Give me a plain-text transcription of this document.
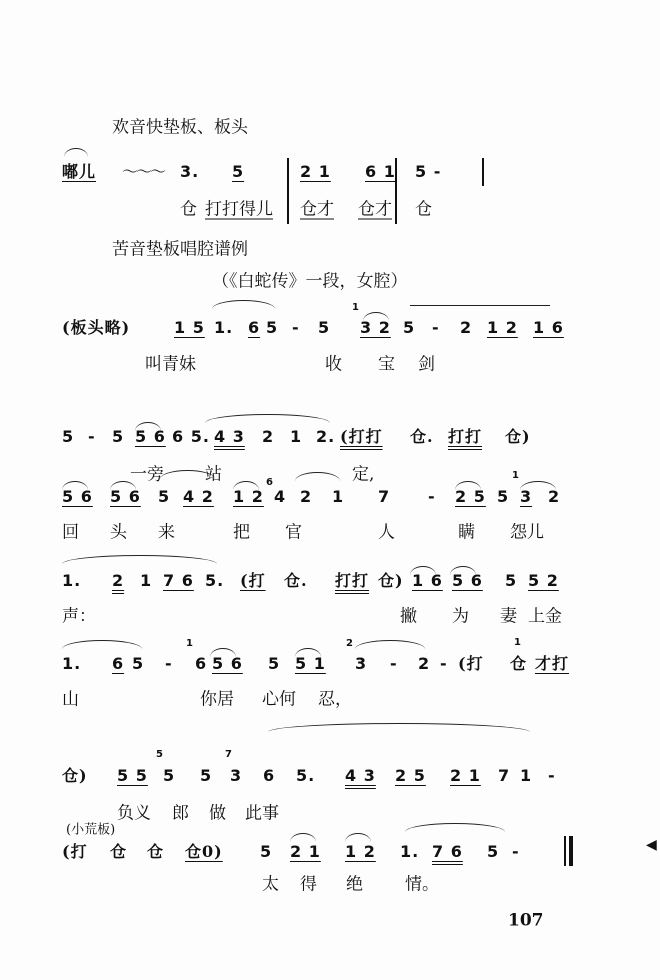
欢音快垫板、板头
苦音垫板唱腔谱例
（《白蛇传》一段，女腔）
(小荒板)
107
◀
嘟儿 ～～～ 3. 5	2 1 6 1 5 -
仓 打打得儿 仓才 仓才 仓
(板头略)	1 5 1. 6 5 - 5 3 2 5 - 2 1 2 1 6
叫青妹	收 宝 剑
5 - 5 5 6 6 5. 4 3 2 1 2. (打打 仓. 打打 仓)
一旁 站	定,
5 6 5 6 5 4 2 1 2 4 2 1 7 - 2 5 5 3 2
回 头 来	把 官	人	瞒 怨儿
1. 2 1 7 6 5. (打 仓. 打打 仓) 1 6 5 6 5 5 2
声：	撇 为 妻 上金
1. 6 5 - 6 5 6 5 5 1 3 - 2 - (打 仓 才打
山	你居 心何 忍，
仓) 5 5 5 5 3 6 5. 4 3 2 5 2 1 7 1 -
负义 郎 做 此事
(打 仓 仓 仓0) 5 2 1 1 2 1. 7 6 5 -
太 得 绝 情。
1
1
6
1
1	2
5	7
